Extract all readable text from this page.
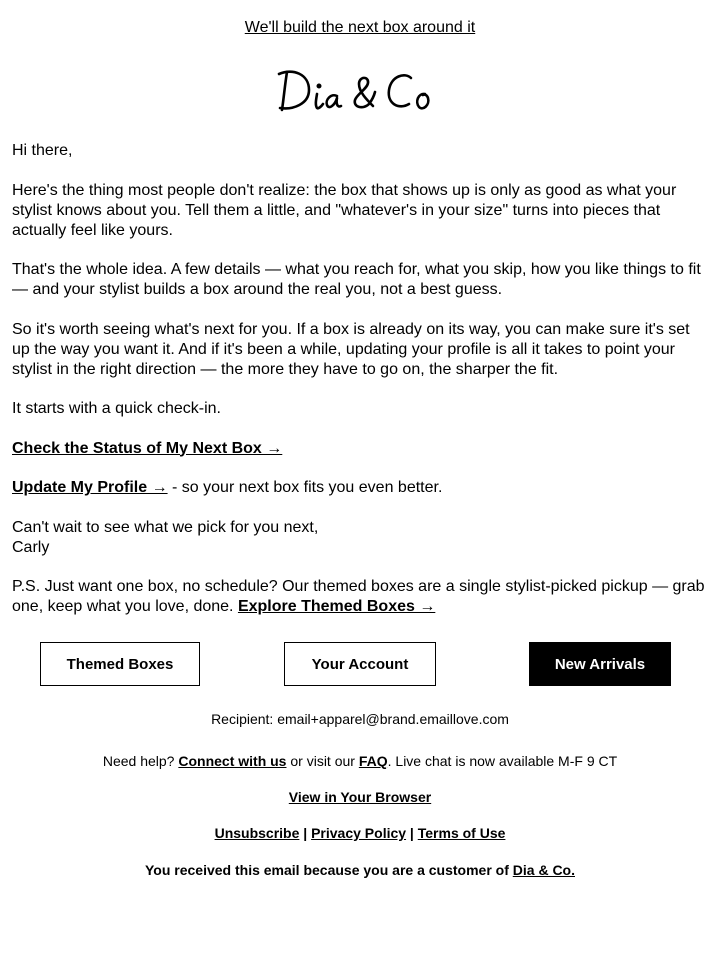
We'll build the next box around it

Hi there,

Here's the thing most people don't realize: the box that shows up is only as good as what your stylist knows about you. Tell them a little, and "whatever's in your size" turns into pieces that actually feel like yours.

That's the whole idea. A few details — what you reach for, what you skip, how you like things to fit — and your stylist builds a box around the real you, not a best guess.

So it's worth seeing what's next for you. If a box is already on its way, you can make sure it's set up the way you want it. And if it's been a while, updating your profile is all it takes to point your stylist in the right direction — the more they have to go on, the sharper the fit.

It starts with a quick check-in.

Check the Status of My Next Box →

Update My Profile → - so your next box fits you even better.

Can't wait to see what we pick for you next,
Carly

P.S. Just want one box, no schedule? Our themed boxes are a single stylist-picked pickup — grab one, keep what you love, done. Explore Themed Boxes →

Themed Boxes	Your Account	New Arrivals
Recipient: email+apparel@brand.emaillove.com
Need help? Connect with us or visit our FAQ. Live chat is now available M-F 9 CT
View in Your Browser
Unsubscribe | Privacy Policy | Terms of Use
You received this email because you are a customer of Dia & Co.
